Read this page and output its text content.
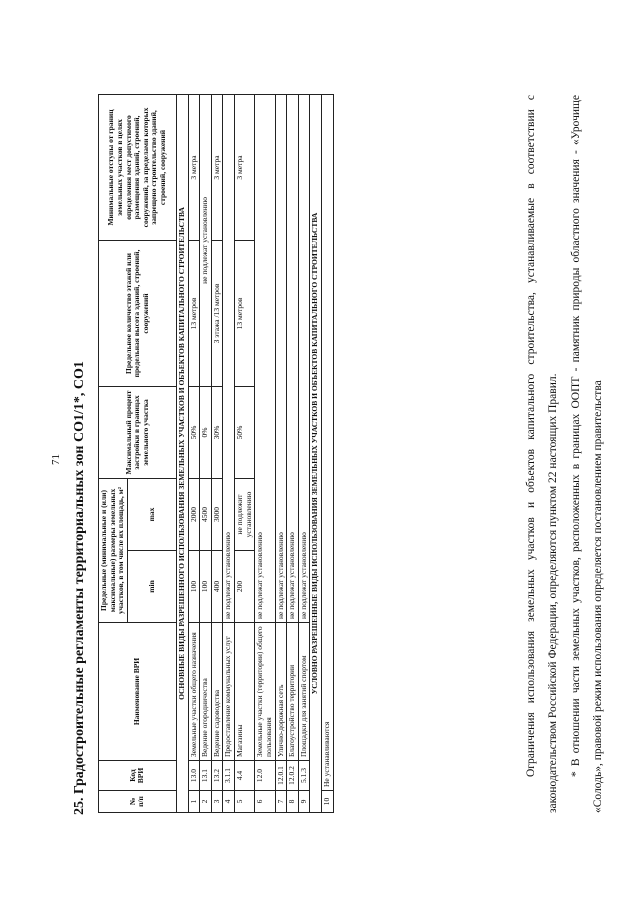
71 25. Градостроительные регламенты территориальных зон СО1/1*, СО1	№ п/п	Код ВРИ	Наименование ВРИ	Предельные (минимальные и (или) максимальные) размеры земельных участков, в том числе их площадь, м²		Максимальный процент застройки в границах земельного участка	Предельное количество этажей или предельная высота зданий, строений, сооружений	Минимальные отступы от границ земельных участков в целях определения мест допустимого размещения зданий, строений, сооружений, за пределами которых запрещено строительство зданий, строений, сооружений
			min	max			
ОСНОВНЫЕ ВИДЫ РАЗРЕШЕННОГО ИСПОЛЬЗОВАНИЯ ЗЕМЕЛЬНЫХ УЧАСТКОВ И ОБЪЕКТОВ КАПИТАЛЬНОГО СТРОИТЕЛЬСТВА							
1	13.0	Земельные участки общего назначения	100	2000	50%	13 метров	3 метра
2	13.1	Ведение огородничества	100	4500	0%	не подлежат установлению	
3	13.2	Ведение садоводства	400	3000	30%	3 этажа /13 метров	3 метра
4	3.1.1	Предоставление коммунальных услуг	не подлежат установлению				
5	4.4	Магазины	200	не подлежит установлению	50%	13 метров	3 метра
6	12.0	Земельные участки (территории) общего пользования	не подлежат установлению				
7	12.0.1	Улично-дорожная сеть	не подлежат установлению				
8	12.0.2	Благоустройство территории	не подлежат установлению				
9	5.1.3	Площадки для занятий спортом	не подлежат установлению				
УСЛОВНО РАЗРЕШЕННЫЕ ВИДЫ ИСПОЛЬЗОВАНИЯ ЗЕМЕЛЬНЫХ УЧАСТКОВ И ОБЪЕКТОВ КАПИТАЛЬНОГО СТРОИТЕЛЬСТВА							
10	Не устанавливаются							Ограничения использования земельных участков и объектов капитального строительства, устанавливаемые в соответствии с законодательством Российской Федерации, определяются пунктом 22 настоящих Правил. * В отношении части земельных участков, расположенных в границах ООПТ - памятник природы областного значения - «Урочище «Солодь», правовой режим использования определяется постановлением правительства
